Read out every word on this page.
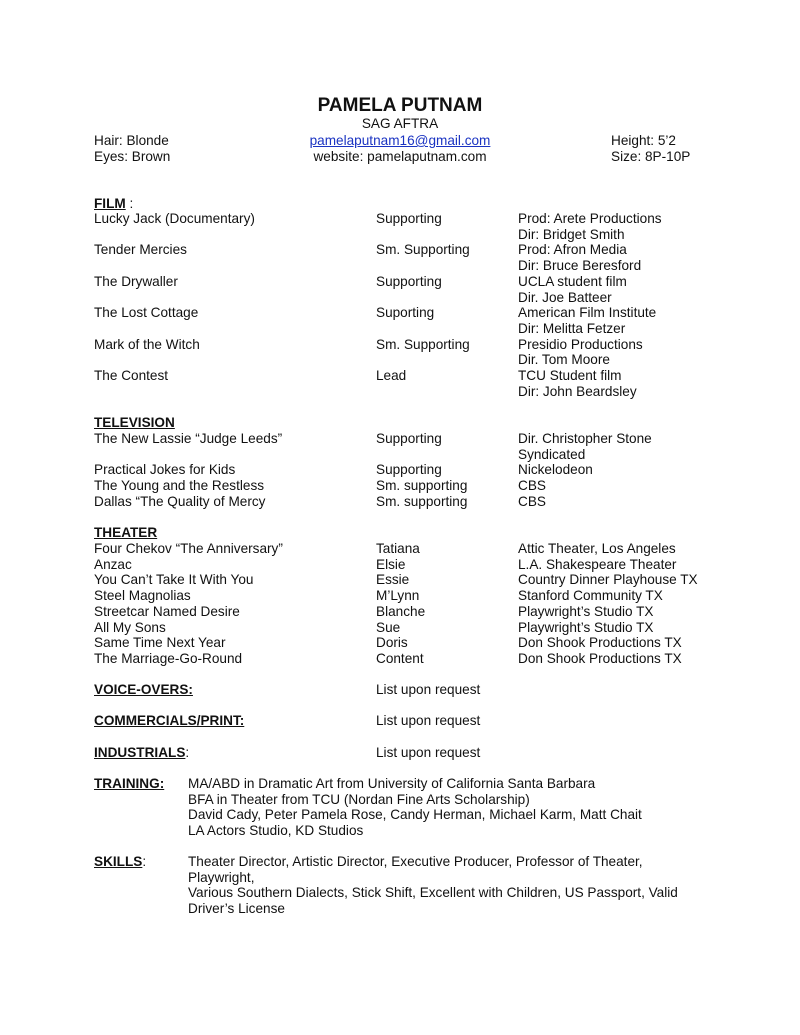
PAMELA PUTNAM
SAG AFTRA
Hair: Blonde	pamelaputnam16@gmail.com	Height: 5’2
Eyes: Brown	website: pamelaputnam.com	Size: 8P-10P
FILM :
Lucky Jack (Documentary)	Supporting	Prod: Arete Productions
Dir: Bridget Smith
Tender Mercies	Sm. Supporting	Prod: Afron Media
Dir: Bruce Beresford
The Drywaller	Supporting	UCLA student film
Dir. Joe Batteer
The Lost Cottage	Suporting	American Film Institute
Dir: Melitta Fetzer
Mark of the Witch	Sm. Supporting	Presidio Productions
Dir. Tom Moore
The Contest	Lead	TCU Student film
Dir: John Beardsley
TELEVISION
The New Lassie “Judge Leeds”	Supporting	Dir. Christopher Stone
Syndicated
Practical Jokes for Kids	Supporting	Nickelodeon
The Young and the Restless	Sm. supporting	CBS
Dallas “The Quality of Mercy	Sm. supporting	CBS
THEATER
Four Chekov “The Anniversary”	Tatiana	Attic Theater, Los Angeles
Anzac	Elsie	L.A. Shakespeare Theater
You Can’t Take It With You	Essie	Country Dinner Playhouse TX
Steel Magnolias	M’Lynn	Stanford Community TX
Streetcar Named Desire	Blanche	Playwright’s Studio TX
All My Sons	Sue	Playwright’s Studio TX
Same Time Next Year	Doris	Don Shook Productions TX
The Marriage-Go-Round	Content	Don Shook Productions TX
VOICE-OVERS:	List upon request
COMMERCIALS/PRINT:	List upon request
INDUSTRIALS:	List upon request
TRAINING: MA/ABD in Dramatic Art from University of California Santa Barbara
BFA in Theater from TCU (Nordan Fine Arts Scholarship)
David Cady, Peter Pamela Rose, Candy Herman, Michael Karm, Matt Chait
LA Actors Studio, KD Studios
SKILLS:	Theater Director, Artistic Director, Executive Producer, Professor of Theater, Playwright,
Various Southern Dialects, Stick Shift, Excellent with Children, US Passport, Valid
Driver’s License
